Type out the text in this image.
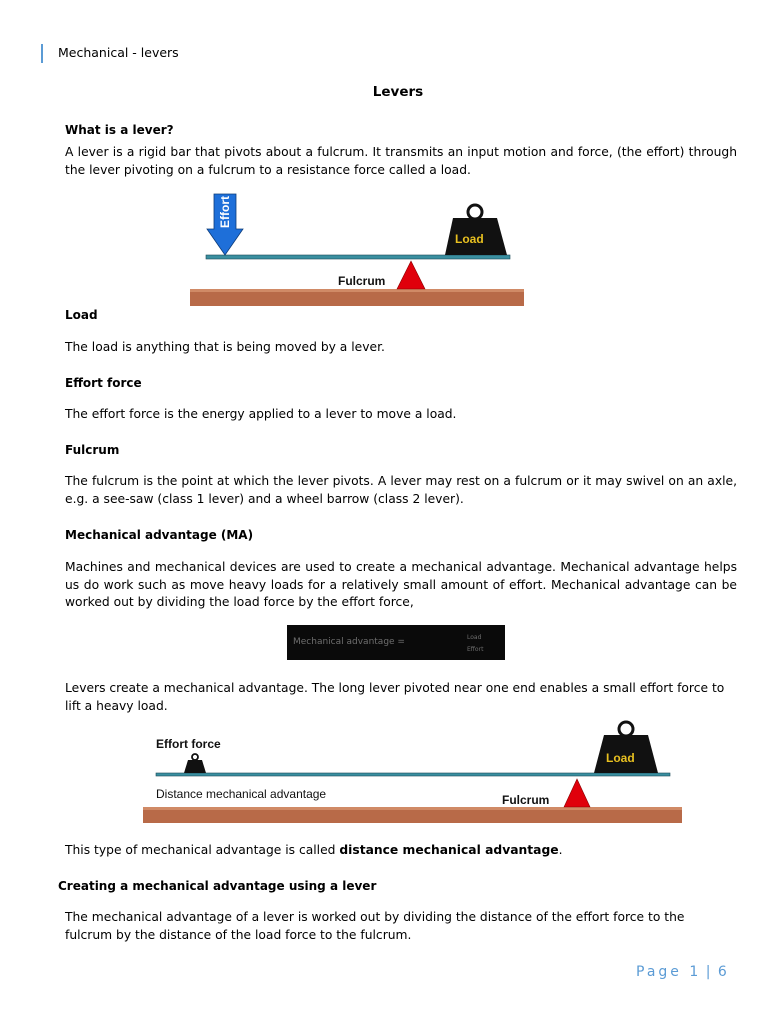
Mechanical - levers
Levers
What is a lever?
A lever is a rigid bar that pivots about a fulcrum. It transmits an input motion and force, (the effort) through the lever pivoting on a fulcrum to a resistance force called a load.
Fulcrum
Effort
Load
Load
The load is anything that is being moved by a lever.
Effort force
The effort force is the energy applied to a lever to move a load.
Fulcrum
The fulcrum is the point at which the lever pivots. A lever may rest on a fulcrum or it may swivel on an axle, e.g. a see-saw (class 1 lever) and a wheel barrow (class 2 lever).
Mechanical advantage (MA)
Machines and mechanical devices are used to create a mechanical advantage. Mechanical advantage helps us do work such as move heavy loads for a relatively small amount of effort. Mechanical advantage can be worked out by dividing the load force by the effort force,
Mechanical advantage =	Load
Effort
Levers create a mechanical advantage. The long lever pivoted near one end enables a small effort force to lift a heavy load.
Fulcrum
Effort force
Distance mechanical advantage
Load
This type of mechanical advantage is called distance mechanical advantage.
Creating a mechanical advantage using a lever
The mechanical advantage of a lever is worked out by dividing the distance of the effort force to the fulcrum by the distance of the load force to the fulcrum.
Page 1 | 6
